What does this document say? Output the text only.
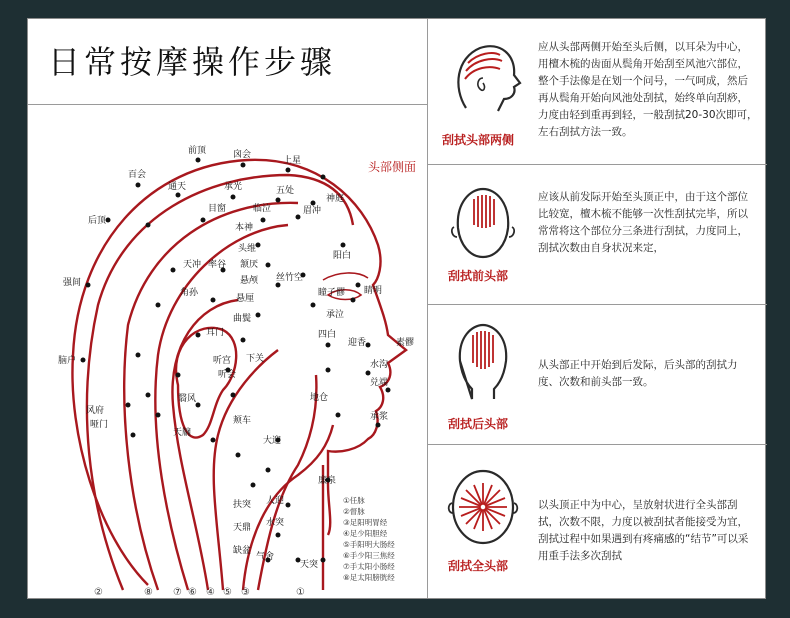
日常按摩操作步骤
头部侧面
前顶	囟会
上星
百会
通天	承光	五处
神庭
后顶
目窗	临泣	眉冲
本神
头维
颔厌
悬颅
悬厘
率谷
天冲
阳白
丝竹空
角孙	瞳子髎 睛明
曲鬓
脑户
强间
承泣
四白
迎香	素髎
耳门
听宫 下关
水沟
兑端
听会
地仓
承浆
翳风
风府
哑门
天牖
颊车
大迎
廉泉
人迎
扶突
水突
天鼎
气舍
缺盆
天突
①任脉
②督脉
③足阳明胃经
④足少阳胆经
⑤手阳明大肠经
⑥手少阳三焦经
⑦手太阳小肠经
⑧足太阳膀胱经
②	⑧ ⑦ ⑥ ④ ⑤ ③	①
刮拭头部两侧
应从头部两侧开始至头后侧，以耳朵为中心，用檀木梳的齿面从鬓角开始刮至风池穴部位，整个手法像是在划一个问号，一气呵成，然后再从鬓角开始向风池处刮拭，始终单向刮痧，力度由轻到重再到轻，一般刮拭20-30次即可，左右刮拭方法一致。
刮拭前头部
应该从前发际开始至头顶正中，由于这个部位比较宽，檀木梳不能够一次性刮拭完毕，所以常常将这个部位分三条进行刮拭，力度同上，刮拭次数由自身状况来定，
刮拭后头部
从头部正中开始到后发际，后头部的刮拭力度、次数和前头部一致。
刮拭全头部
以头顶正中为中心，呈放射状进行全头部刮拭，次数不限，力度以被刮拭者能接受为宜，刮拭过程中如果遇到有疼痛感的“结节”可以采用重手法多次刮拭
